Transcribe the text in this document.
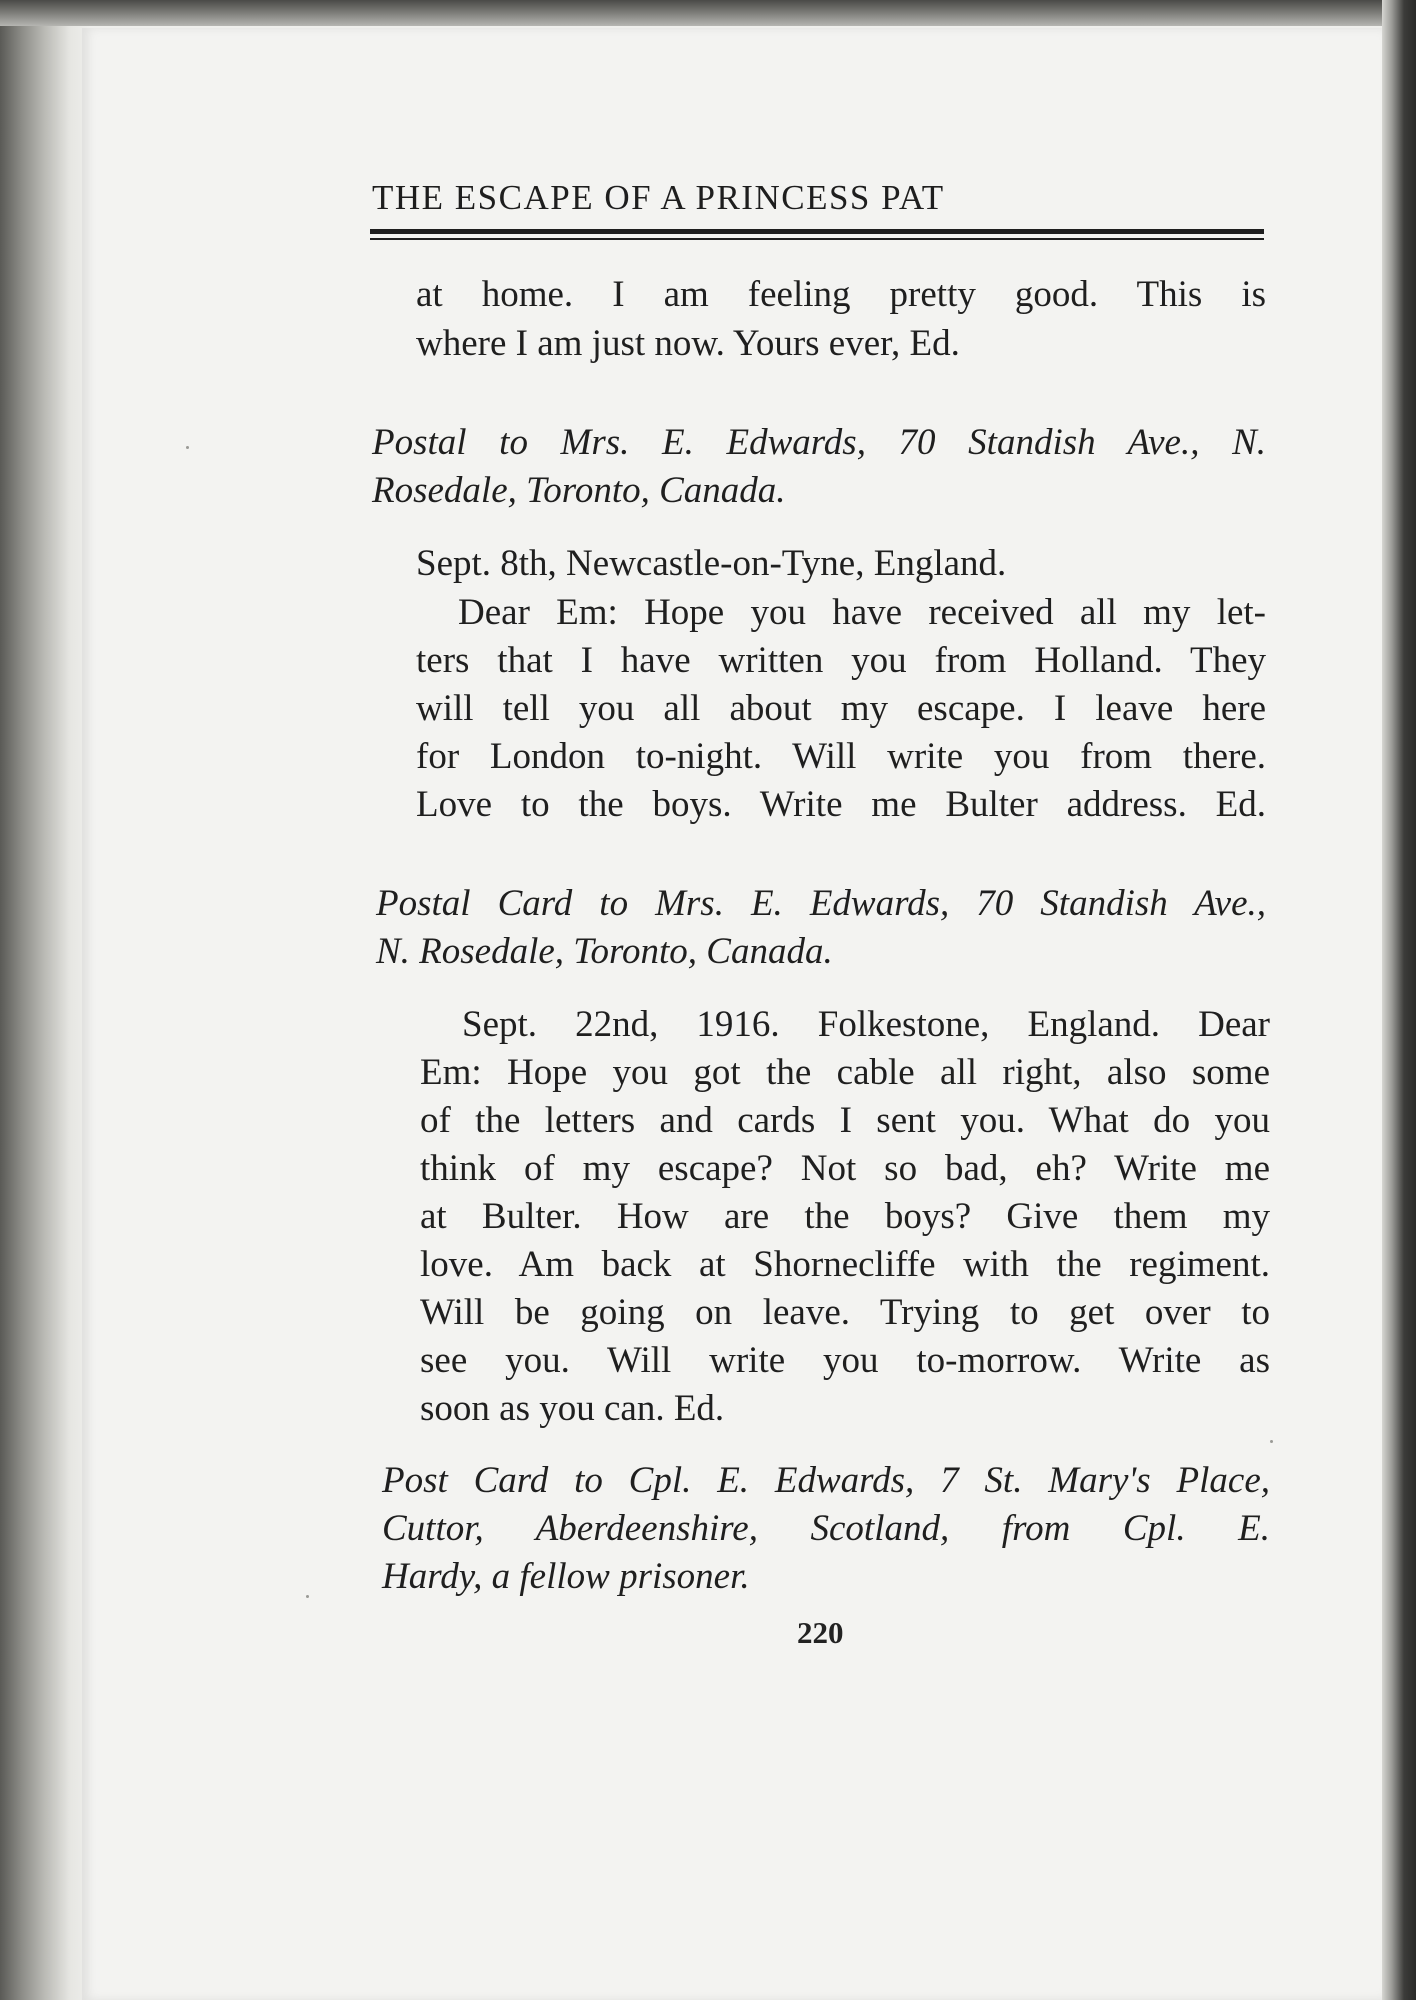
THE ESCAPE OF A PRINCESS PAT
at home. I am feeling pretty good. This is
where I am just now. Yours ever, Ed.
Postal to Mrs. E. Edwards, 70 Standish Ave., N.
Rosedale, Toronto, Canada.
Sept. 8th, Newcastle-on-Tyne, England.
Dear Em: Hope you have received all my let-
ters that I have written you from Holland. They
will tell you all about my escape. I leave here
for London to-night. Will write you from there.
Love to the boys. Write me Bulter address. Ed.
Postal Card to Mrs. E. Edwards, 70 Standish Ave.,
N. Rosedale, Toronto, Canada.
Sept. 22nd, 1916. Folkestone, England. Dear
Em: Hope you got the cable all right, also some
of the letters and cards I sent you. What do you
think of my escape? Not so bad, eh? Write me
at Bulter. How are the boys? Give them my
love. Am back at Shornecliffe with the regiment.
Will be going on leave. Trying to get over to
see you. Will write you to-morrow. Write as
soon as you can. Ed.
Post Card to Cpl. E. Edwards, 7 St. Mary's Place,
Cuttor, Aberdeenshire, Scotland, from Cpl. E.
Hardy, a fellow prisoner.
220
